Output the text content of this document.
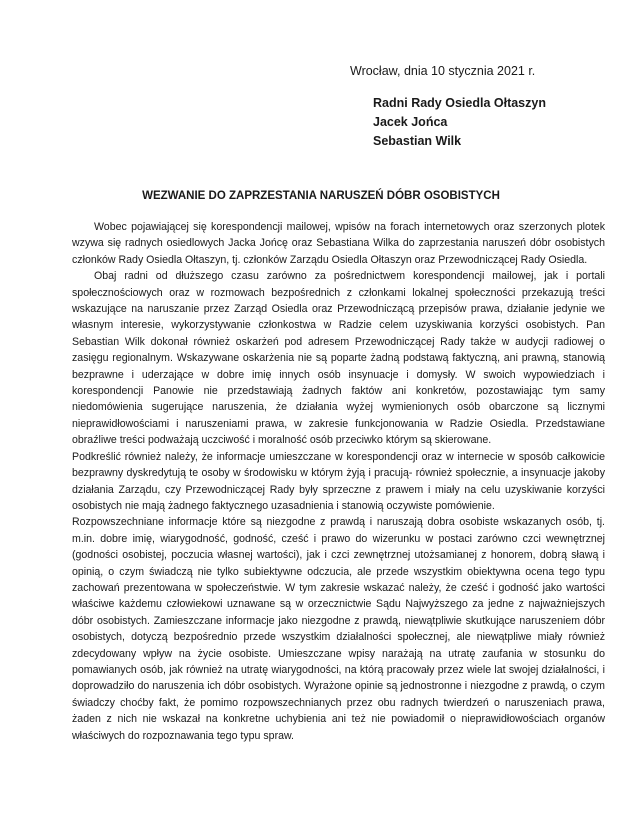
Wrocław, dnia 10 stycznia 2021 r.
Radni Rady Osiedla Ołtaszyn
Jacek Jońca
Sebastian Wilk
WEZWANIE DO ZAPRZESTANIA NARUSZEŃ DÓBR OSOBISTYCH

Wobec pojawiającej się korespondencji mailowej, wpisów na forach internetowych oraz szerzonych plotek wzywa się radnych osiedlowych Jacka Jońcę oraz Sebastiana Wilka do zaprzestania naruszeń dóbr osobistych członków Rady Osiedla Ołtaszyn, tj. członków Zarządu Osiedla Ołtaszyn oraz Przewodniczącej Rady Osiedla.

Obaj radni od dłuższego czasu zarówno za pośrednictwem korespondencji mailowej, jak i portali społecznościowych oraz w rozmowach bezpośrednich z członkami lokalnej społeczności przekazują treści wskazujące na naruszanie przez Zarząd Osiedla oraz Przewodniczącą przepisów prawa, działanie jedynie we własnym interesie, wykorzystywanie członkostwa w Radzie celem uzyskiwania korzyści osobistych. Pan Sebastian Wilk dokonał również oskarżeń pod adresem Przewodniczącej Rady także w audycji radiowej o zasięgu regionalnym. Wskazywane oskarżenia nie są poparte żadną podstawą faktyczną, ani prawną, stanowią bezprawne i uderzające w dobre imię innych osób insynuacje i domysły. W swoich wypowiedziach i korespondencji Panowie nie przedstawiają żadnych faktów ani konkretów, pozostawiając tym samy niedomówienia sugerujące naruszenia, że działania wyżej wymienionych osób obarczone są licznymi nieprawidłowościami i naruszeniami prawa, w zakresie funkcjonowania w Radzie Osiedla. Przedstawiane obraźliwe treści podważają uczciwość i moralność osób przeciwko którym są skierowane.

Podkreślić również należy, że informacje umieszczane w korespondencji oraz w internecie w sposób całkowicie bezprawny dyskredytują te osoby w środowisku w którym żyją i pracują- również społecznie, a insynuacje jakoby działania Zarządu, czy Przewodniczącej Rady były sprzeczne z prawem i miały na celu uzyskiwanie korzyści osobistych nie mają żadnego faktycznego uzasadnienia i stanowią oczywiste pomówienie.

Rozpowszechniane informacje które są niezgodne z prawdą i naruszają dobra osobiste wskazanych osób, tj. m.in. dobre imię, wiarygodność, godność, cześć i prawo do wizerunku w postaci zarówno czci wewnętrznej (godności osobistej, poczucia własnej wartości), jak i czci zewnętrznej utożsamianej z honorem, dobrą sławą i opinią, o czym świadczą nie tylko subiektywne odczucia, ale przede wszystkim obiektywna ocena tego typu zachowań prezentowana w społeczeństwie. W tym zakresie wskazać należy, że cześć i godność jako wartości właściwe każdemu człowiekowi uznawane są w orzecznictwie Sądu Najwyższego za jedne z najważniejszych dóbr osobistych. Zamieszczane informacje jako niezgodne z prawdą, niewątpliwie skutkujące naruszeniem dóbr osobistych, dotyczą bezpośrednio przede wszystkim działalności społecznej, ale niewątpliwe miały również zdecydowany wpływ na życie osobiste. Umieszczane wpisy narażają na utratę zaufania w stosunku do pomawianych osób, jak również na utratę wiarygodności, na którą pracowały przez wiele lat swojej działalności, i doprowadziło do naruszenia ich dóbr osobistych. Wyrażone opinie są jednostronne i niezgodne z prawdą, o czym świadczy choćby fakt, że pomimo rozpowszechnianych przez obu radnych twierdzeń o naruszeniach prawa, żaden z nich nie wskazał na konkretne uchybienia ani też nie powiadomił o nieprawidłowościach organów właściwych do rozpoznawania tego typu spraw.
